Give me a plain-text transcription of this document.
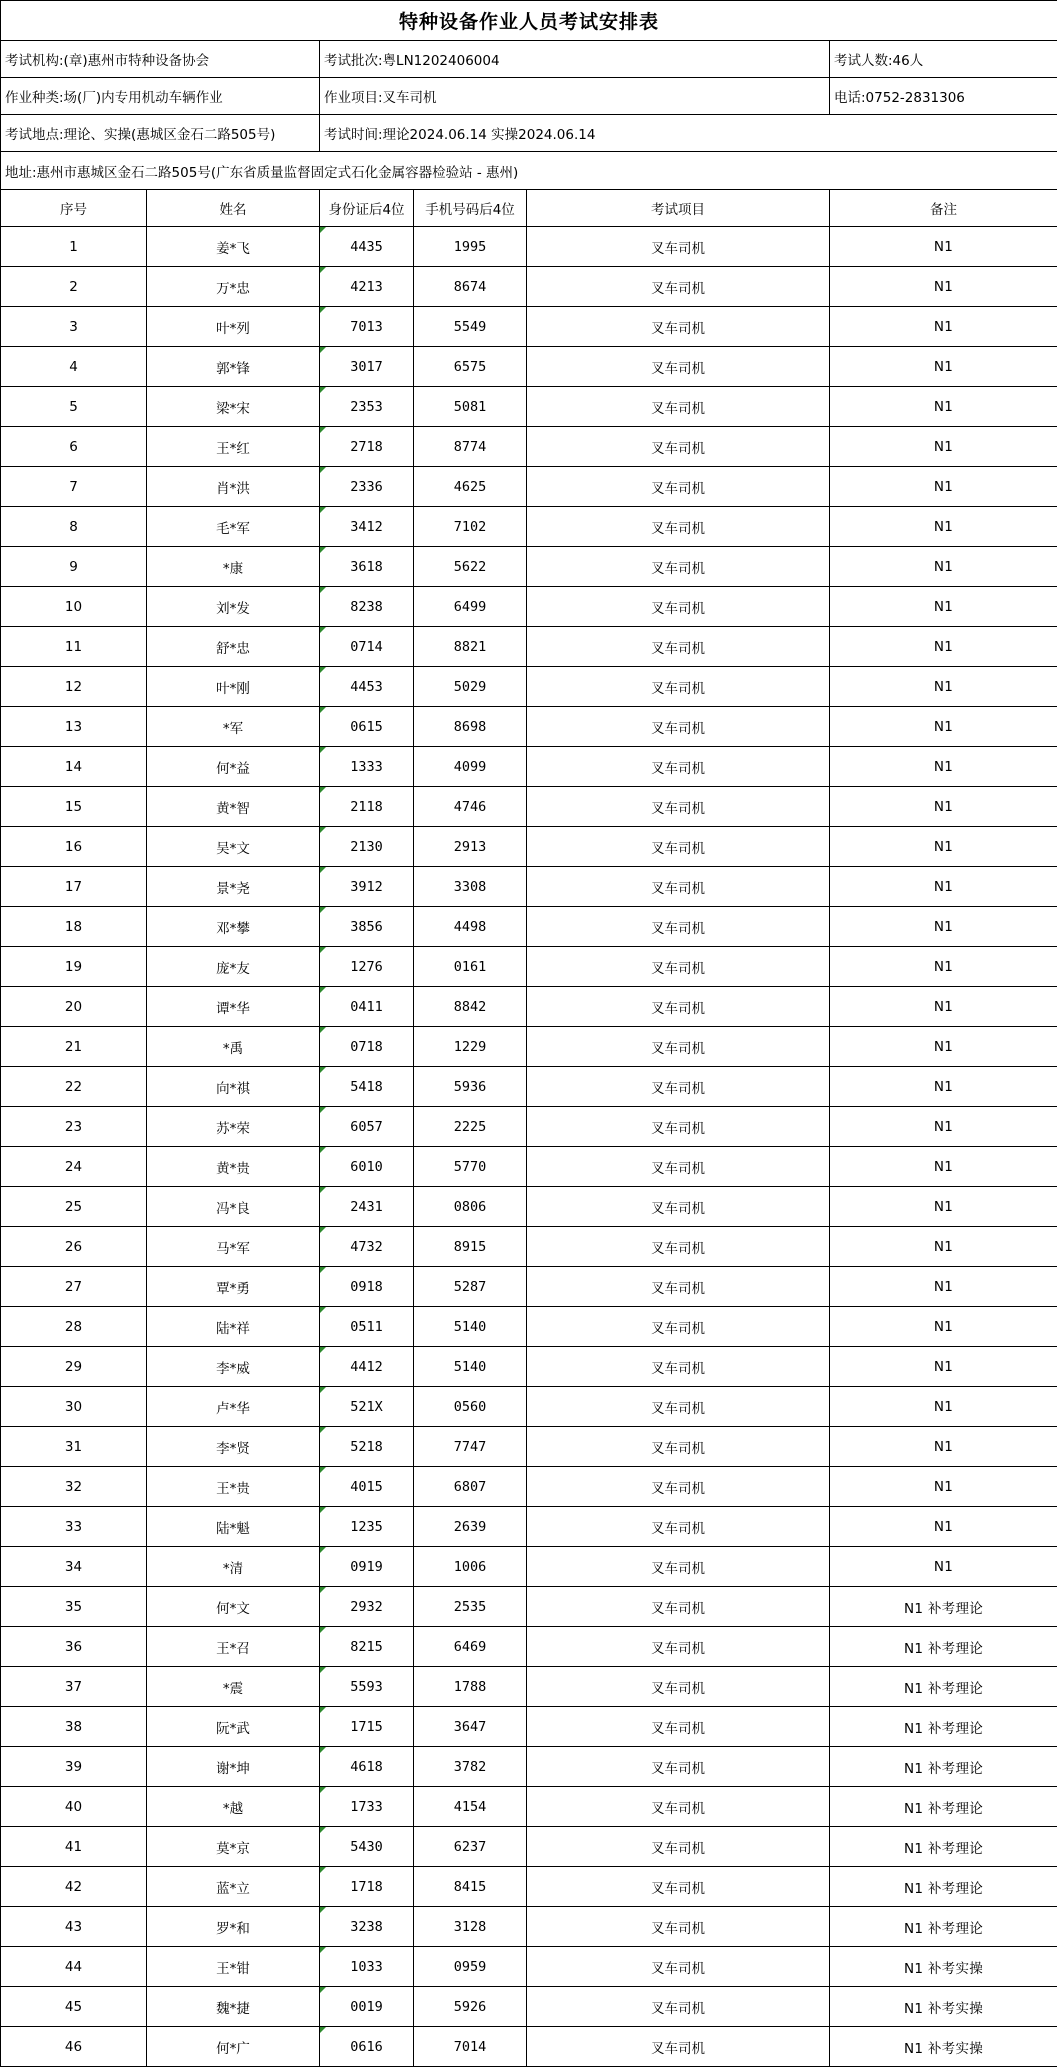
特种设备作业人员考试安排表					
考试机构:(章)惠州市特种设备协会		考试批次:粤LN1202406004			考试人数:46人
作业种类:场(厂)内专用机动车辆作业		作业项目:叉车司机			电话:0752-2831306
考试地点:理论、实操(惠城区金石二路505号)		考试时间:理论2024.06.14 实操2024.06.14			
地址:惠州市惠城区金石二路505号(广东省质量监督固定式石化金属容器检验站 - 惠州)					
序号	姓名	身份证后4位	手机号码后4位	考试项目	备注
1	姜*飞	4435	1995	叉车司机	N1
2	万*忠	4213	8674	叉车司机	N1
3	叶*列	7013	5549	叉车司机	N1
4	郭*锋	3017	6575	叉车司机	N1
5	梁*宋	2353	5081	叉车司机	N1
6	王*红	2718	8774	叉车司机	N1
7	肖*洪	2336	4625	叉车司机	N1
8	毛*军	3412	7102	叉车司机	N1
9	*康	3618	5622	叉车司机	N1
10	刘*发	8238	6499	叉车司机	N1
11	舒*忠	0714	8821	叉车司机	N1
12	叶*刚	4453	5029	叉车司机	N1
13	*军	0615	8698	叉车司机	N1
14	何*益	1333	4099	叉车司机	N1
15	黄*智	2118	4746	叉车司机	N1
16	吴*文	2130	2913	叉车司机	N1
17	景*尧	3912	3308	叉车司机	N1
18	邓*攀	3856	4498	叉车司机	N1
19	庞*友	1276	0161	叉车司机	N1
20	谭*华	0411	8842	叉车司机	N1
21	*禹	0718	1229	叉车司机	N1
22	向*祺	5418	5936	叉车司机	N1
23	苏*荣	6057	2225	叉车司机	N1
24	黄*贵	6010	5770	叉车司机	N1
25	冯*良	2431	0806	叉车司机	N1
26	马*军	4732	8915	叉车司机	N1
27	覃*勇	0918	5287	叉车司机	N1
28	陆*祥	0511	5140	叉车司机	N1
29	李*威	4412	5140	叉车司机	N1
30	卢*华	521X	0560	叉车司机	N1
31	李*贤	5218	7747	叉车司机	N1
32	王*贵	4015	6807	叉车司机	N1
33	陆*魁	1235	2639	叉车司机	N1
34	*清	0919	1006	叉车司机	N1
35	何*文	2932	2535	叉车司机	N1 补考理论
36	王*召	8215	6469	叉车司机	N1 补考理论
37	*震	5593	1788	叉车司机	N1 补考理论
38	阮*武	1715	3647	叉车司机	N1 补考理论
39	谢*坤	4618	3782	叉车司机	N1 补考理论
40	*越	1733	4154	叉车司机	N1 补考理论
41	莫*京	5430	6237	叉车司机	N1 补考理论
42	蓝*立	1718	8415	叉车司机	N1 补考理论
43	罗*和	3238	3128	叉车司机	N1 补考理论
44	王*钳	1033	0959	叉车司机	N1 补考实操
45	魏*捷	0019	5926	叉车司机	N1 补考实操
46	何*广	0616	7014	叉车司机	N1 补考实操
